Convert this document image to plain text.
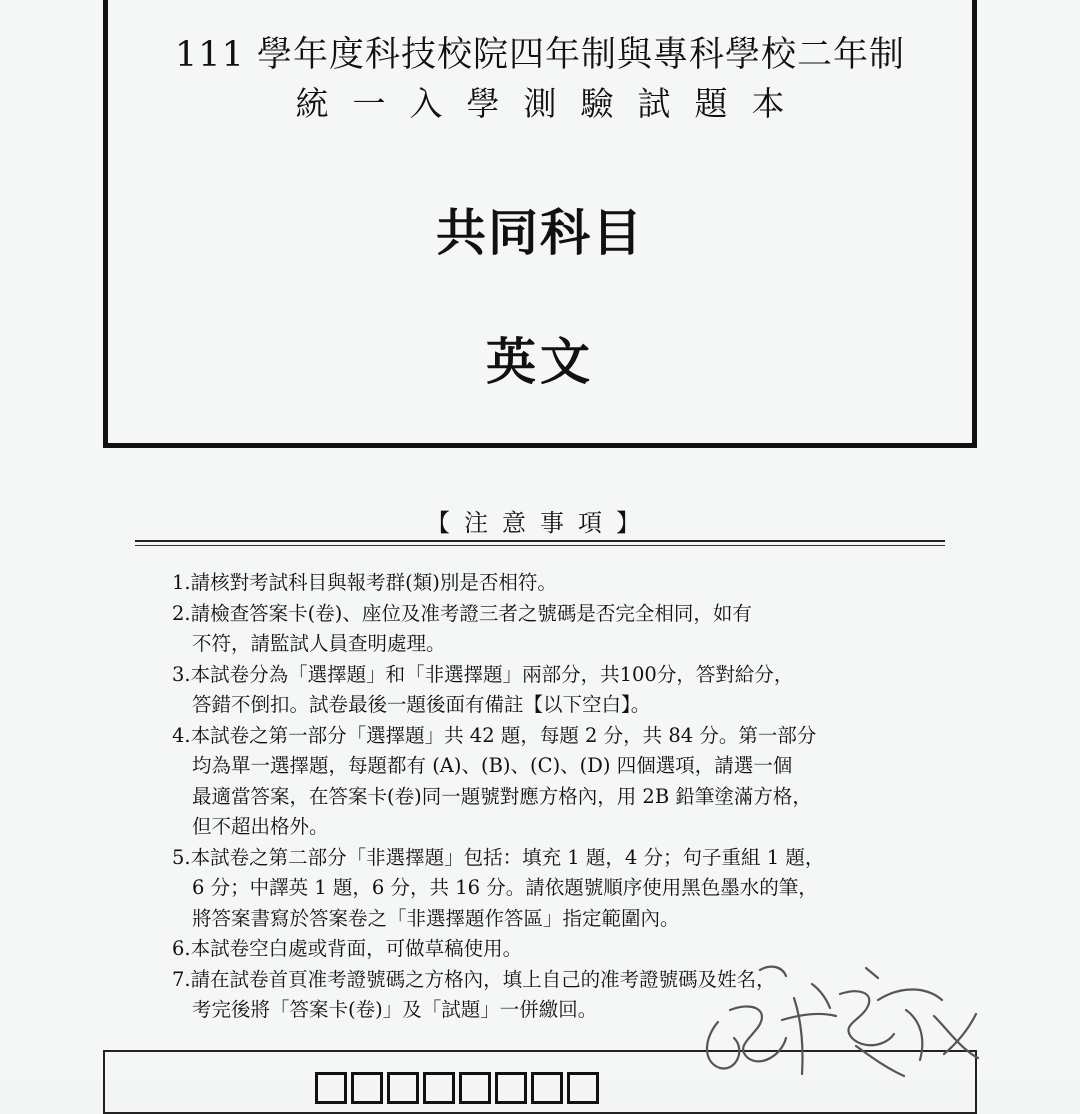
111 學年度科技校院四年制與專科學校二年制
統一入學測驗試題本
共同科目
英文
【注意事項】
1.請核對考試科目與報考群(類)別是否相符。
2.請檢查答案卡(卷)、座位及准考證三者之號碼是否完全相同，如有
不符，請監試人員查明處理。
3.本試卷分為「選擇題」和「非選擇題」兩部分，共100分，答對給分，
答錯不倒扣。試卷最後一題後面有備註【以下空白】。
4.本試卷之第一部分「選擇題」共 42 題，每題 2 分，共 84 分。第一部分
均為單一選擇題，每題都有 (A)、(B)、(C)、(D) 四個選項，請選一個
最適當答案，在答案卡(卷)同一題號對應方格內，用 2B 鉛筆塗滿方格，
但不超出格外。
5.本試卷之第二部分「非選擇題」包括：填充 1 題，4 分；句子重組 1 題，
6 分；中譯英 1 題，6 分，共 16 分。請依題號順序使用黑色墨水的筆，
將答案書寫於答案卷之「非選擇題作答區」指定範圍內。
6.本試卷空白處或背面，可做草稿使用。
7.請在試卷首頁准考證號碼之方格內，填上自己的准考證號碼及姓名，
考完後將「答案卡(卷)」及「試題」一併繳回。
